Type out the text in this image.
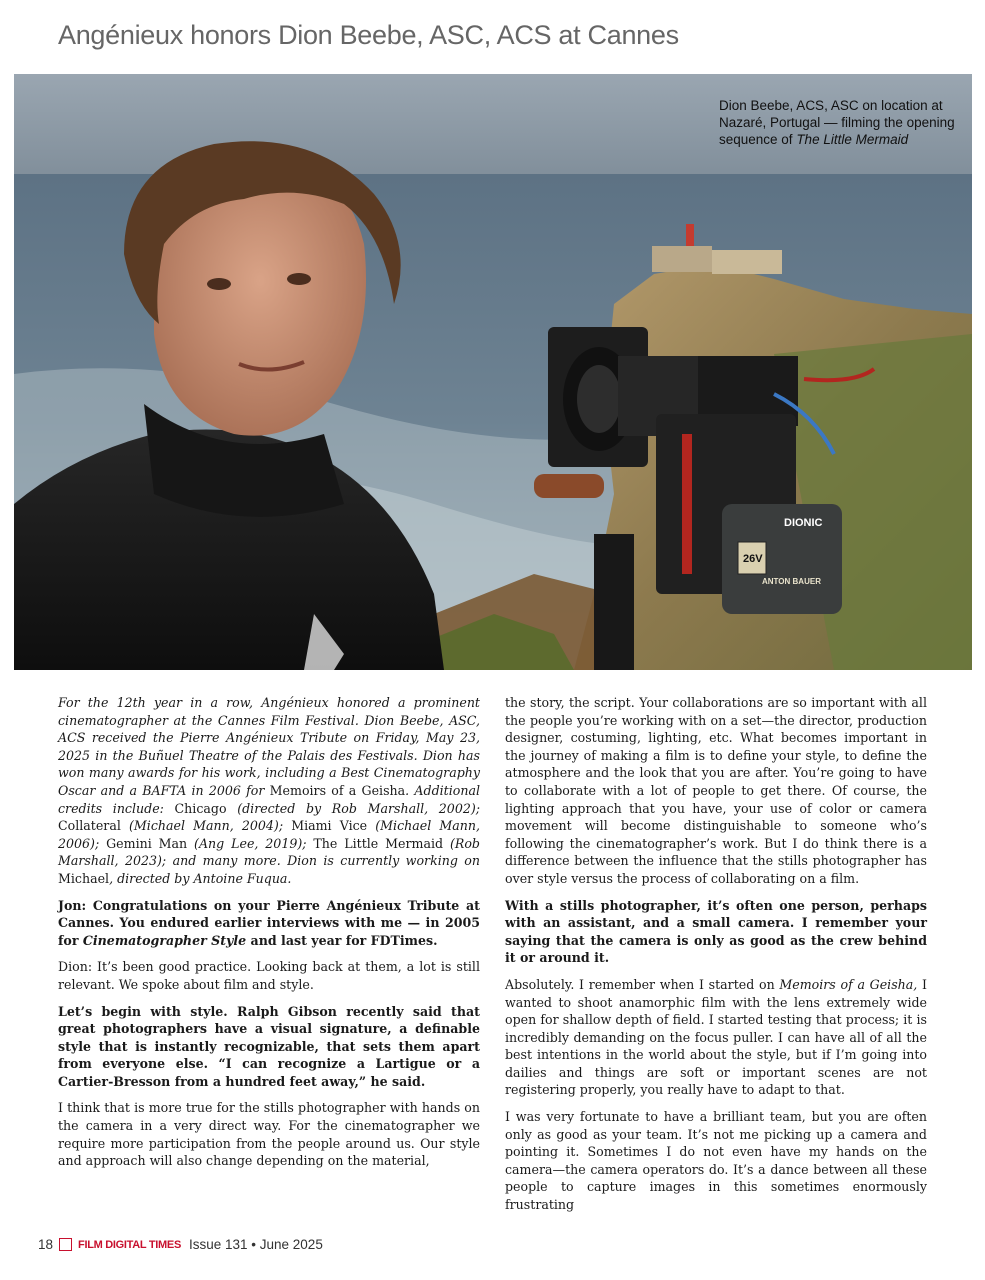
Angénieux honors Dion Beebe, ASC, ACS at Cannes
DIONIC
26V
ANTON BAUER
Dion Beebe, ACS, ASC on location at Nazaré, Portugal — filming the opening sequence of The Little Mermaid

For the 12th year in a row, Angénieux honored a prominent cinematographer at the Cannes Film Festival. Dion Beebe, ASC, ACS received the Pierre Angénieux Tribute on Friday, May 23, 2025 in the Buñuel Theatre of the Palais des Festivals. Dion has won many awards for his work, including a Best Cinematography Oscar and a BAFTA in 2006 for Memoirs of a Geisha. Additional credits include: Chicago (directed by Rob Marshall, 2002); Collateral (Michael Mann, 2004); Miami Vice (Michael Mann, 2006); Gemini Man (Ang Lee, 2019); The Little Mermaid (Rob Marshall, 2023); and many more. Dion is currently working on Michael, directed by Antoine Fuqua.

Jon: Congratulations on your Pierre Angénieux Tribute at Cannes. You endured earlier interviews with me — in 2005 for Cinematographer Style and last year for FDTimes.

Dion: It’s been good practice. Looking back at them, a lot is still relevant. We spoke about film and style.

Let’s begin with style. Ralph Gibson recently said that great photographers have a visual signature, a definable style that is instantly recognizable, that sets them apart from everyone else. “I can recognize a Lartigue or a Cartier-Bresson from a hundred feet away,” he said.

I think that is more true for the stills photographer with hands on the camera in a very direct way. For the cinematographer we require more participation from the people around us. Our style and approach will also change depending on the material,

the story, the script. Your collaborations are so important with all the people you’re working with on a set—the director, production designer, costuming, lighting, etc. What becomes important in the journey of making a film is to define your style, to define the atmosphere and the look that you are after. You’re going to have to collaborate with a lot of people to get there. Of course, the lighting approach that you have, your use of color or camera movement will become distinguishable to someone who’s following the cinematographer’s work. But I do think there is a difference between the influence that the stills photographer has over style versus the process of collaborating on a film.

With a stills photographer, it’s often one person, perhaps with an assistant, and a small camera. I remember your saying that the camera is only as good as the crew behind it or around it.

Absolutely. I remember when I started on Memoirs of a Geisha, I wanted to shoot anamorphic film with the lens extremely wide open for shallow depth of field. I started testing that process; it is incredibly demanding on the focus puller. I can have all of all the best intentions in the world about the style, but if I’m going into dailies and things are soft or important scenes are not registering properly, you really have to adapt to that.

I was very fortunate to have a brilliant team, but you are often only as good as your team. It’s not me picking up a camera and pointing it. Sometimes I do not even have my hands on the camera—the camera operators do. It’s a dance between all these people to capture images in this sometimes enormously frustrating

18 FILM DIGITAL TIMES Issue 131 • June 2025
